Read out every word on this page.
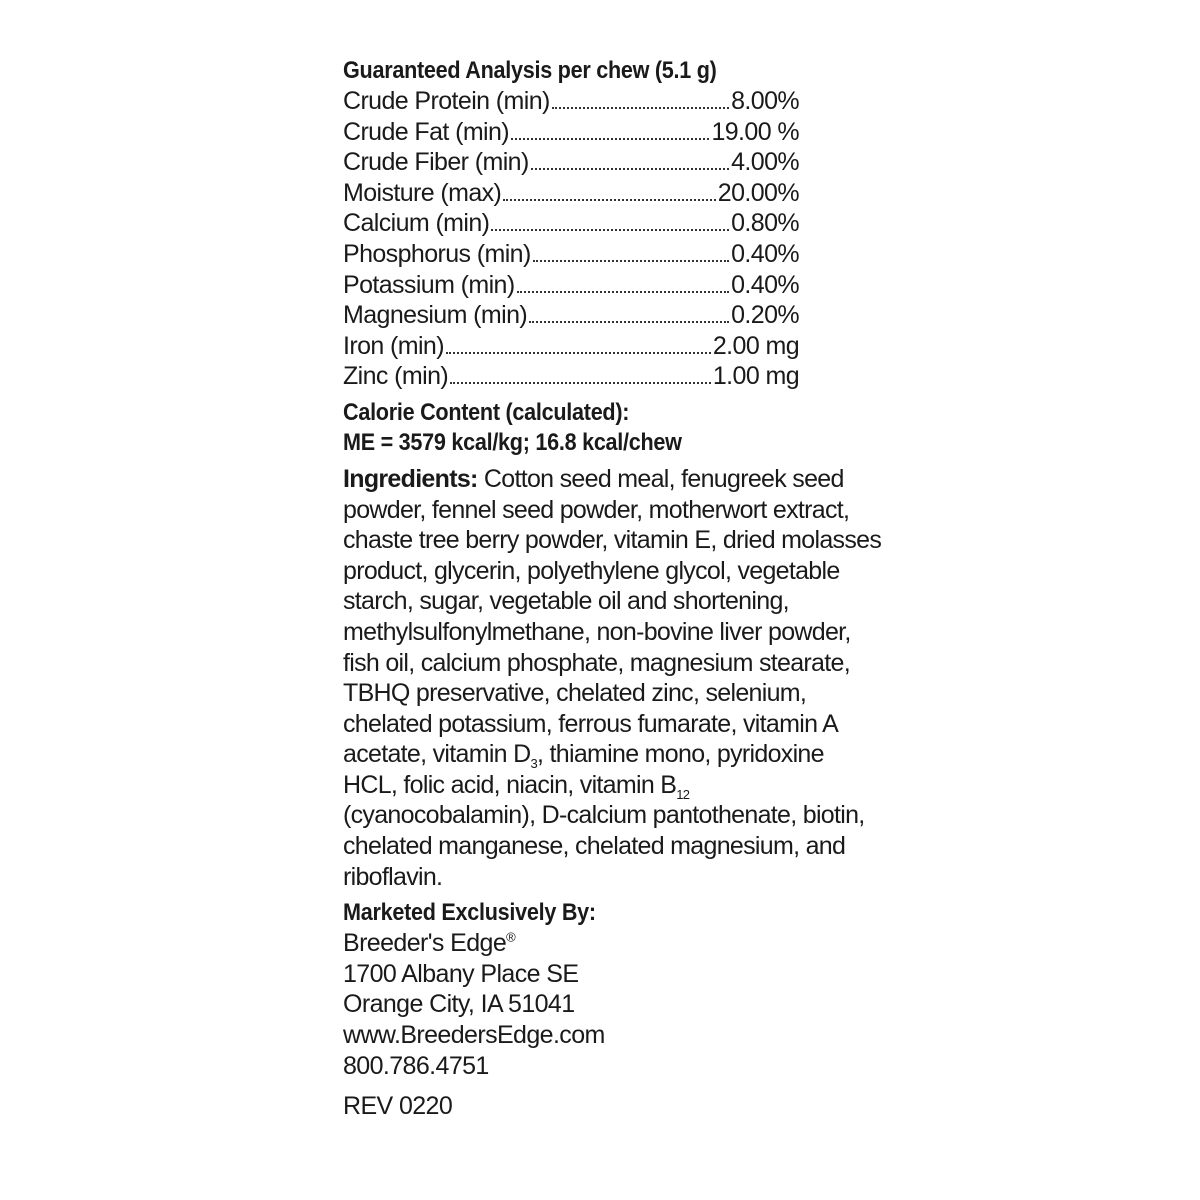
Guaranteed Analysis per chew (5.1 g)
Crude Protein (min)	8.00%
Crude Fat (min)	19.00 %
Crude Fiber (min)	4.00%
Moisture (max)	20.00%
Calcium (min)	0.80%
Phosphorus (min)	0.40%
Potassium (min)	0.40%
Magnesium (min)	0.20%
Iron (min)	2.00 mg
Zinc (min)	1.00 mg
Calorie Content (calculated):
ME = 3579 kcal/kg; 16.8 kcal/chew
Ingredients: Cotton seed meal, fenugreek seed powder, fennel seed powder, motherwort extract, chaste tree berry powder, vitamin E, dried molasses product, glycerin, polyethylene glycol, vegetable starch, sugar, vegetable oil and shortening, methylsulfonylmethane, non-bovine liver powder, fish oil, calcium phosphate, magnesium stearate, TBHQ preservative, chelated zinc, selenium, chelated potassium, ferrous fumarate, vitamin A acetate, vitamin $D_3$, thiamine mono, pyridoxine HCL, folic acid, niacin, vitamin $B_{12}$ (cyanocobalamin), D-calcium pantothenate, biotin, chelated manganese, chelated magnesium, and riboflavin.
Marketed Exclusively By:
Breeder's Edge®
1700 Albany Place SE
Orange City, IA 51041
www.BreedersEdge.com
800.786.4751
REV 0220
